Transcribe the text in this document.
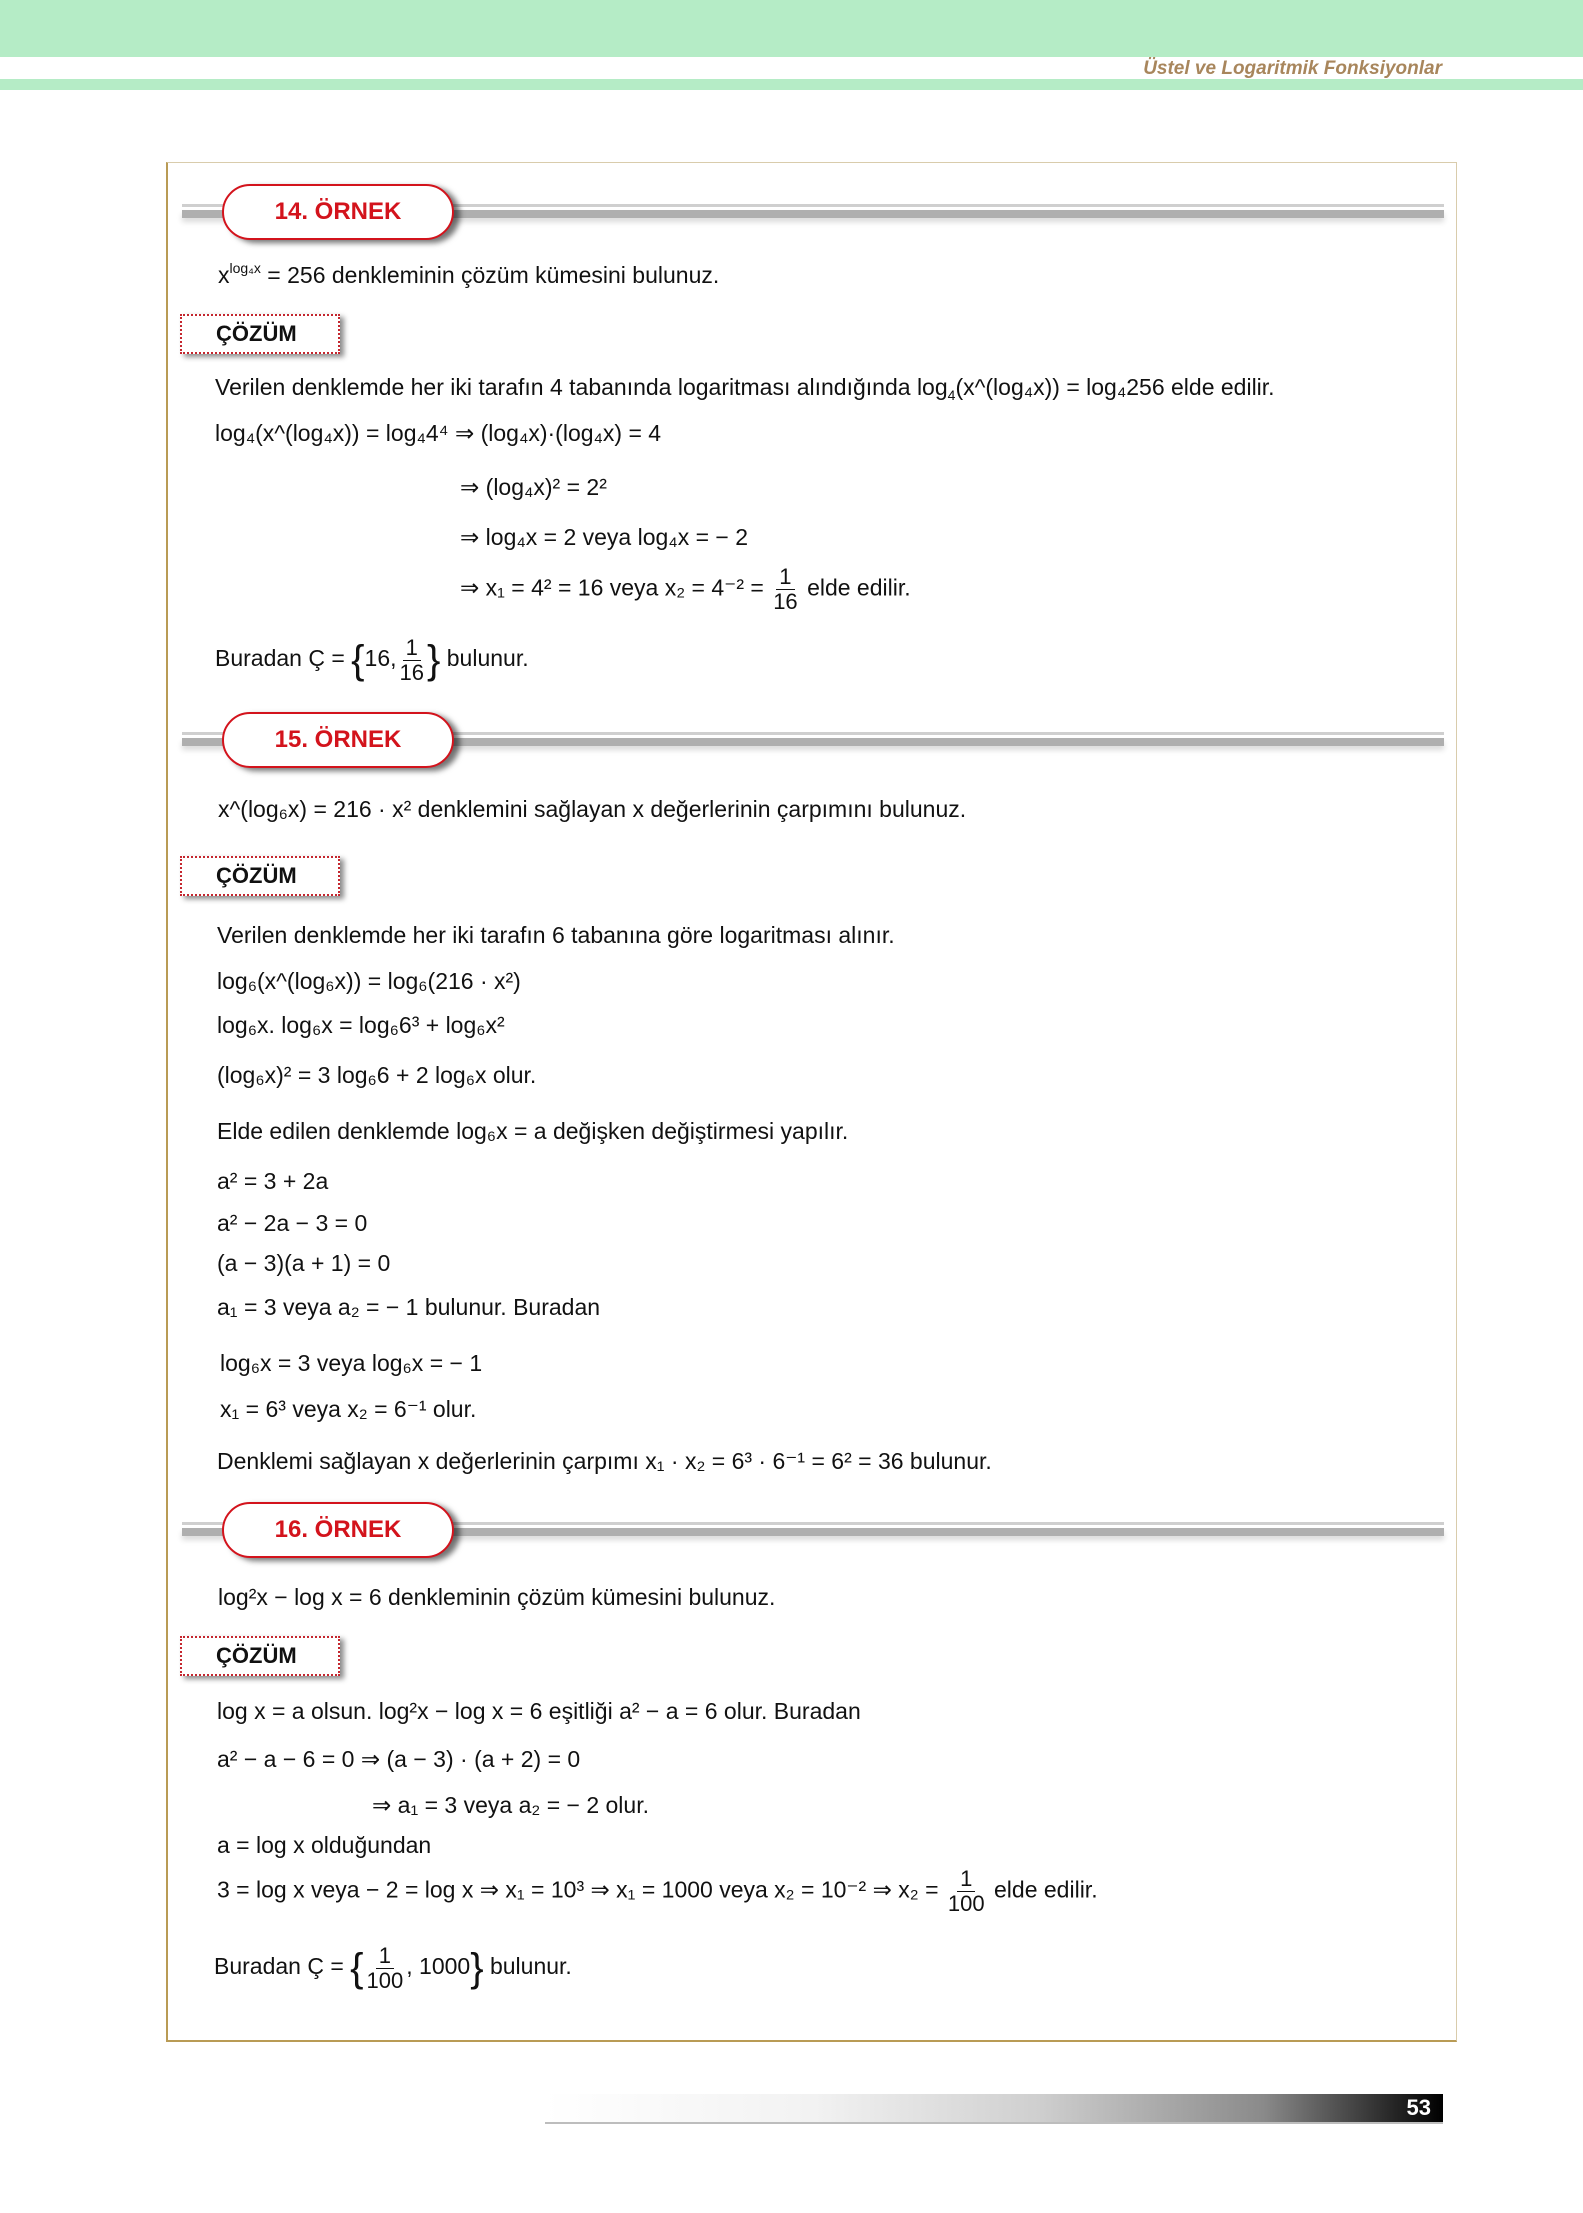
Üstel ve Logaritmik Fonksiyonlar
14. ÖRNEK
$x^{log_4x} = 256$ denkleminin çözüm kümesini bulunuz.
ÇÖZÜM
Verilen denklemde her iki tarafın 4 tabanında logaritması alındığında $\log_4(x\^{}(\log_4x)) = \log_4256$ elde edilir.
log₄(x^(log₄x)) = log₄4⁴ ⇒ (log₄x)·(log₄x) = 4
⇒ (log₄x)² = 2²
⇒ log₄x = 2 veya log₄x = − 2
⇒ x₁ = 4² = 16 veya $x_2 = 4^{-2} = \frac{1}{16}$ elde edilir.
Buradan Ç = {16, $\frac{1}{16}$ } bulunur.
15. ÖRNEK
x^(log₆x) = 216 · x² denklemini sağlayan x değerlerinin çarpımını bulunuz.
ÇÖZÜM
Verilen denklemde her iki tarafın 6 tabanına göre logaritması alınır.
log₆(x^(log₆x)) = log₆(216 · x²)
log₆x. log₆x = log₆6³ + log₆x²
(log₆x)² = 3 log₆6 + 2 log₆x olur.
Elde edilen denklemde log₆x = a değişken değiştirmesi yapılır.
a² = 3 + 2a
a² − 2a − 3 = 0
(a − 3)(a + 1) = 0
a₁ = 3 veya a₂ = − 1 bulunur. Buradan
log₆x = 3 veya log₆x = − 1
x₁ = 6³ veya x₂ = 6⁻¹ olur.
Denklemi sağlayan x değerlerinin çarpımı x₁ · x₂ = 6³ · 6⁻¹ = 6² = 36 bulunur.
16. ÖRNEK
log²x − log x = 6 denkleminin çözüm kümesini bulunuz.
ÇÖZÜM
log x = a olsun. log²x − log x = 6 eşitliği a² − a = 6 olur. Buradan
a² − a − 6 = 0 ⇒ (a − 3) · (a + 2) = 0
⇒ a₁ = 3 veya a₂ = − 2 olur.
a = log x olduğundan
3 = log x veya − 2 = log x ⇒ x₁ = 10³ ⇒ x₁ = 1000 veya x₂ = 10⁻² ⇒ $x_2 = \frac{1}{100}$ elde edilir.
Buradan Ç = { $\frac{1}{100}$ , 1000} bulunur.
53
